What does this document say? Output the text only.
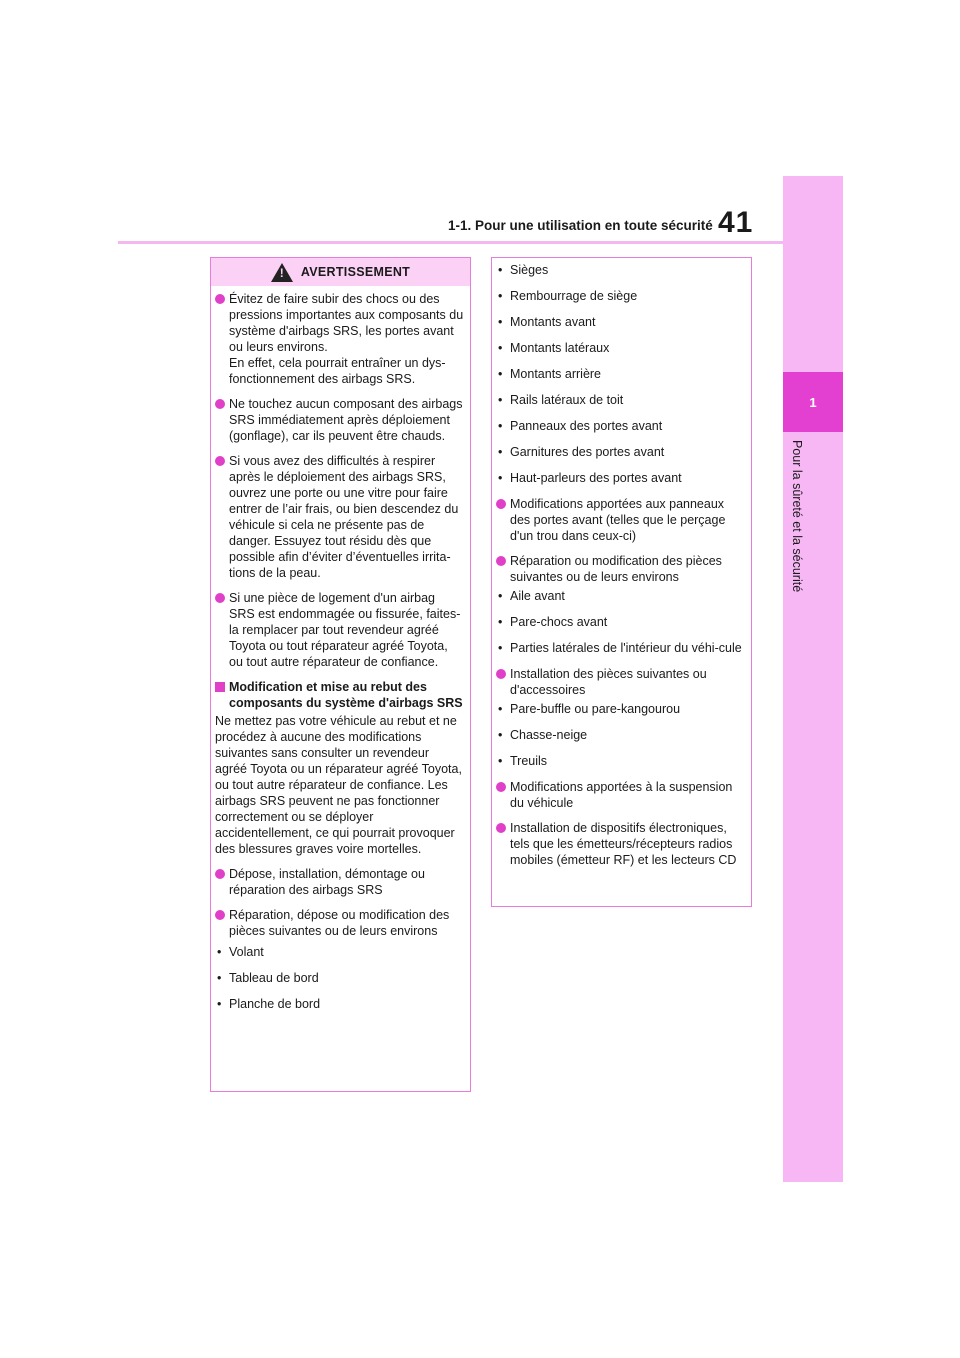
41
1-1. Pour une utilisation en toute sécurité
1
Pour la sûreté et la sécurité
! AVERTISSEMENT
Évitez de faire subir des chocs ou des pressions importantes aux composants du système d'airbags SRS, les portes avant ou leurs environs.
En effet, cela pourrait entraîner un dys-fonctionnement des airbags SRS.
Ne touchez aucun composant des airbags SRS immédiatement après déploiement (gonflage), car ils peuvent être chauds.
Si vous avez des difficultés à respirer après le déploiement des airbags SRS, ouvrez une porte ou une vitre pour faire entrer de l’air frais, ou bien descendez du véhicule si cela ne présente pas de danger. Essuyez tout résidu dès que possible afin d’éviter d’éventuelles irrita-tions de la peau.
Si une pièce de logement d'un airbag SRS est endommagée ou fissurée, faites-la remplacer par tout revendeur agréé Toyota ou tout réparateur agréé Toyota, ou tout autre réparateur de confiance.
Modification et mise au rebut des composants du système d'airbags SRS
Ne mettez pas votre véhicule au rebut et ne procédez à aucune des modifications suivantes sans consulter un revendeur agréé Toyota ou un réparateur agréé Toyota, ou tout autre réparateur de confiance. Les airbags SRS peuvent ne pas fonctionner correctement ou se déployer accidentellement, ce qui pourrait provoquer des blessures graves voire mortelles.
Dépose, installation, démontage ou réparation des airbags SRS
Réparation, dépose ou modification des pièces suivantes ou de leurs environs
• Volant
• Tableau de bord
• Planche de bord
• Sièges
• Rembourrage de siège
• Montants avant
• Montants latéraux
• Montants arrière
• Rails latéraux de toit
• Panneaux des portes avant
• Garnitures des portes avant
• Haut-parleurs des portes avant
Modifications apportées aux panneaux des portes avant (telles que le perçage d'un trou dans ceux-ci)
Réparation ou modification des pièces suivantes ou de leurs environs
• Aile avant
• Pare-chocs avant
• Parties latérales de l'intérieur du véhi-cule
Installation des pièces suivantes ou d'accessoires
• Pare-buffle ou pare-kangourou
• Chasse-neige
• Treuils
Modifications apportées à la suspension du véhicule
Installation de dispositifs électroniques, tels que les émetteurs/récepteurs radios mobiles (émetteur RF) et les lecteurs CD
